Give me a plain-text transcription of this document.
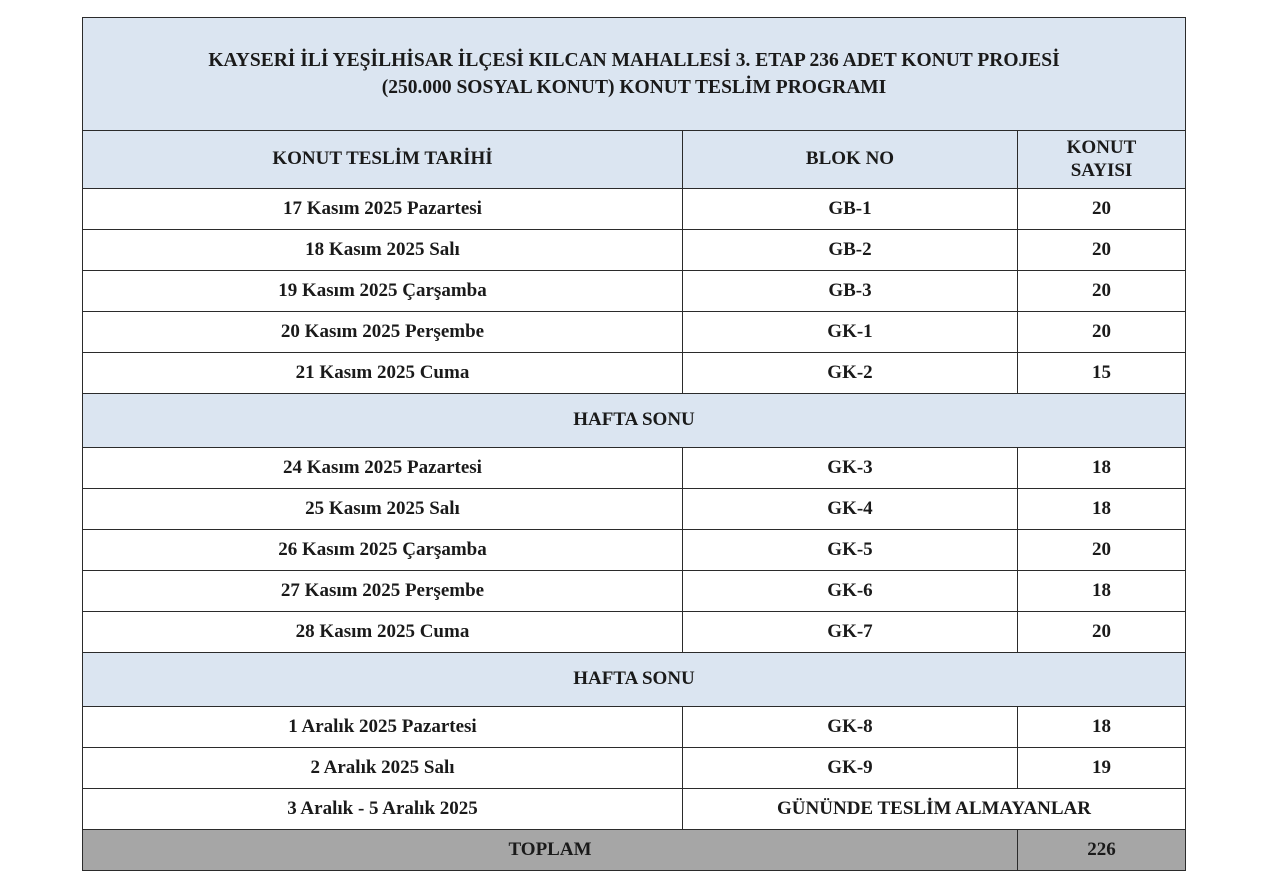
KAYSERİ İLİ YEŞİLHİSAR İLÇESİ KILCAN MAHALLESİ 3. ETAP 236 ADET KONUT PROJESİ
(250.000 SOSYAL KONUT) KONUT TESLİM PROGRAMI		
KONUT TESLİM TARİHİ	BLOK NO	KONUT
SAYISI
17 Kasım 2025 Pazartesi	GB-1	20
18 Kasım 2025 Salı	GB-2	20
19 Kasım 2025 Çarşamba	GB-3	20
20 Kasım 2025 Perşembe	GK-1	20
21 Kasım 2025 Cuma	GK-2	15
HAFTA SONU		
24 Kasım 2025 Pazartesi	GK-3	18
25 Kasım 2025 Salı	GK-4	18
26 Kasım 2025 Çarşamba	GK-5	20
27 Kasım 2025 Perşembe	GK-6	18
28 Kasım 2025 Cuma	GK-7	20
HAFTA SONU		
1 Aralık 2025 Pazartesi	GK-8	18
2 Aralık 2025 Salı	GK-9	19
3 Aralık - 5 Aralık 2025	GÜNÜNDE TESLİM ALMAYANLAR	
TOPLAM		226
